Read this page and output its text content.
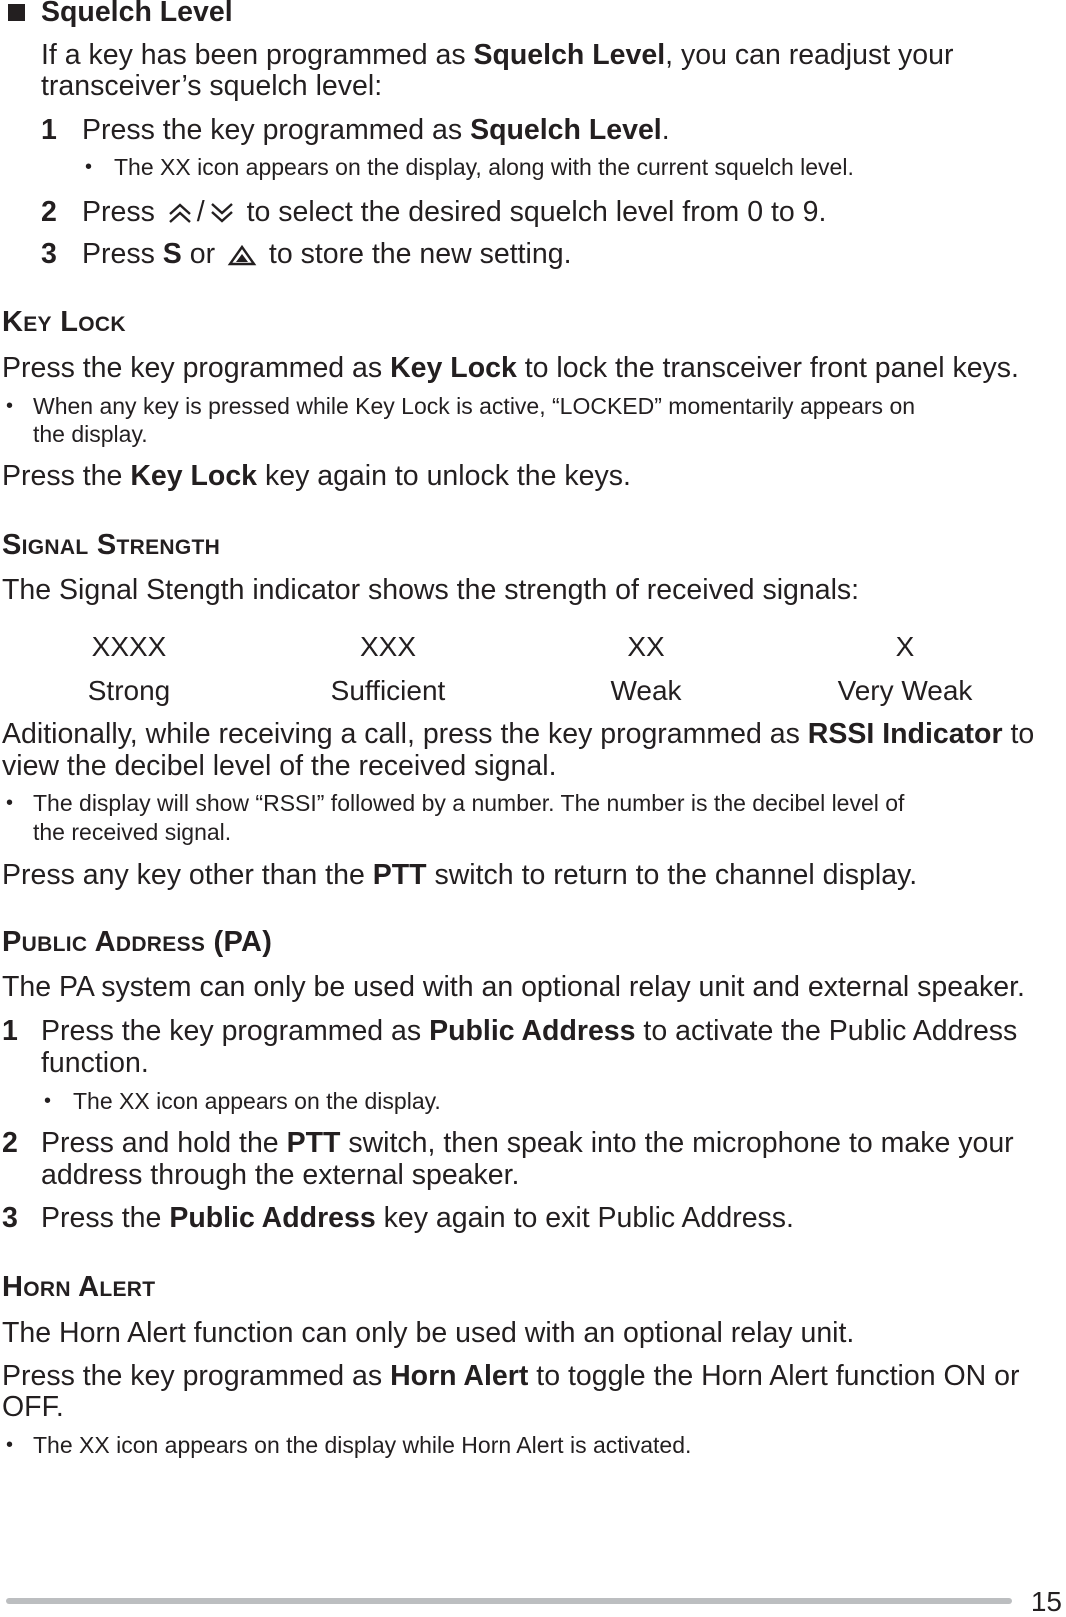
Squelch Level
If a key has been programmed as Squelch Level, you can readjust your
transceiver’s squelch level:
1 Press the key programmed as Squelch Level.
• The XX icon appears on the display, along with the current squelch level.
2 Press / to select the desired squelch level from 0 to 9.
3 Press S or  to store the new setting.
KEY LOCK
Press the key programmed as Key Lock to lock the transceiver front panel keys.
• When any key is pressed while Key Lock is active, “LOCKED” momentarily appears on
the display.
Press the Key Lock key again to unlock the keys.
SIGNAL STRENGTH
The Signal Stength indicator shows the strength of received signals:
XXXX	XXX	XX	X
Strong	Sufficient	Weak	Very Weak
Aditionally, while receiving a call, press the key programmed as RSSI Indicator to
view the decibel level of the received signal.
• The display will show “RSSI” followed by a number. The number is the decibel level of
the received signal.
Press any key other than the PTT switch to return to the channel display.
PUBLIC ADDRESS (PA)
The PA system can only be used with an optional relay unit and external speaker.
1 Press the key programmed as Public Address to activate the Public Address
function.
• The XX icon appears on the display.
2 Press and hold the PTT switch, then speak into the microphone to make your
address through the external speaker.
3 Press the Public Address key again to exit Public Address.
HORN ALERT
The Horn Alert function can only be used with an optional relay unit.
Press the key programmed as Horn Alert to toggle the Horn Alert function ON or
OFF.
• The XX icon appears on the display while Horn Alert is activated.
15
